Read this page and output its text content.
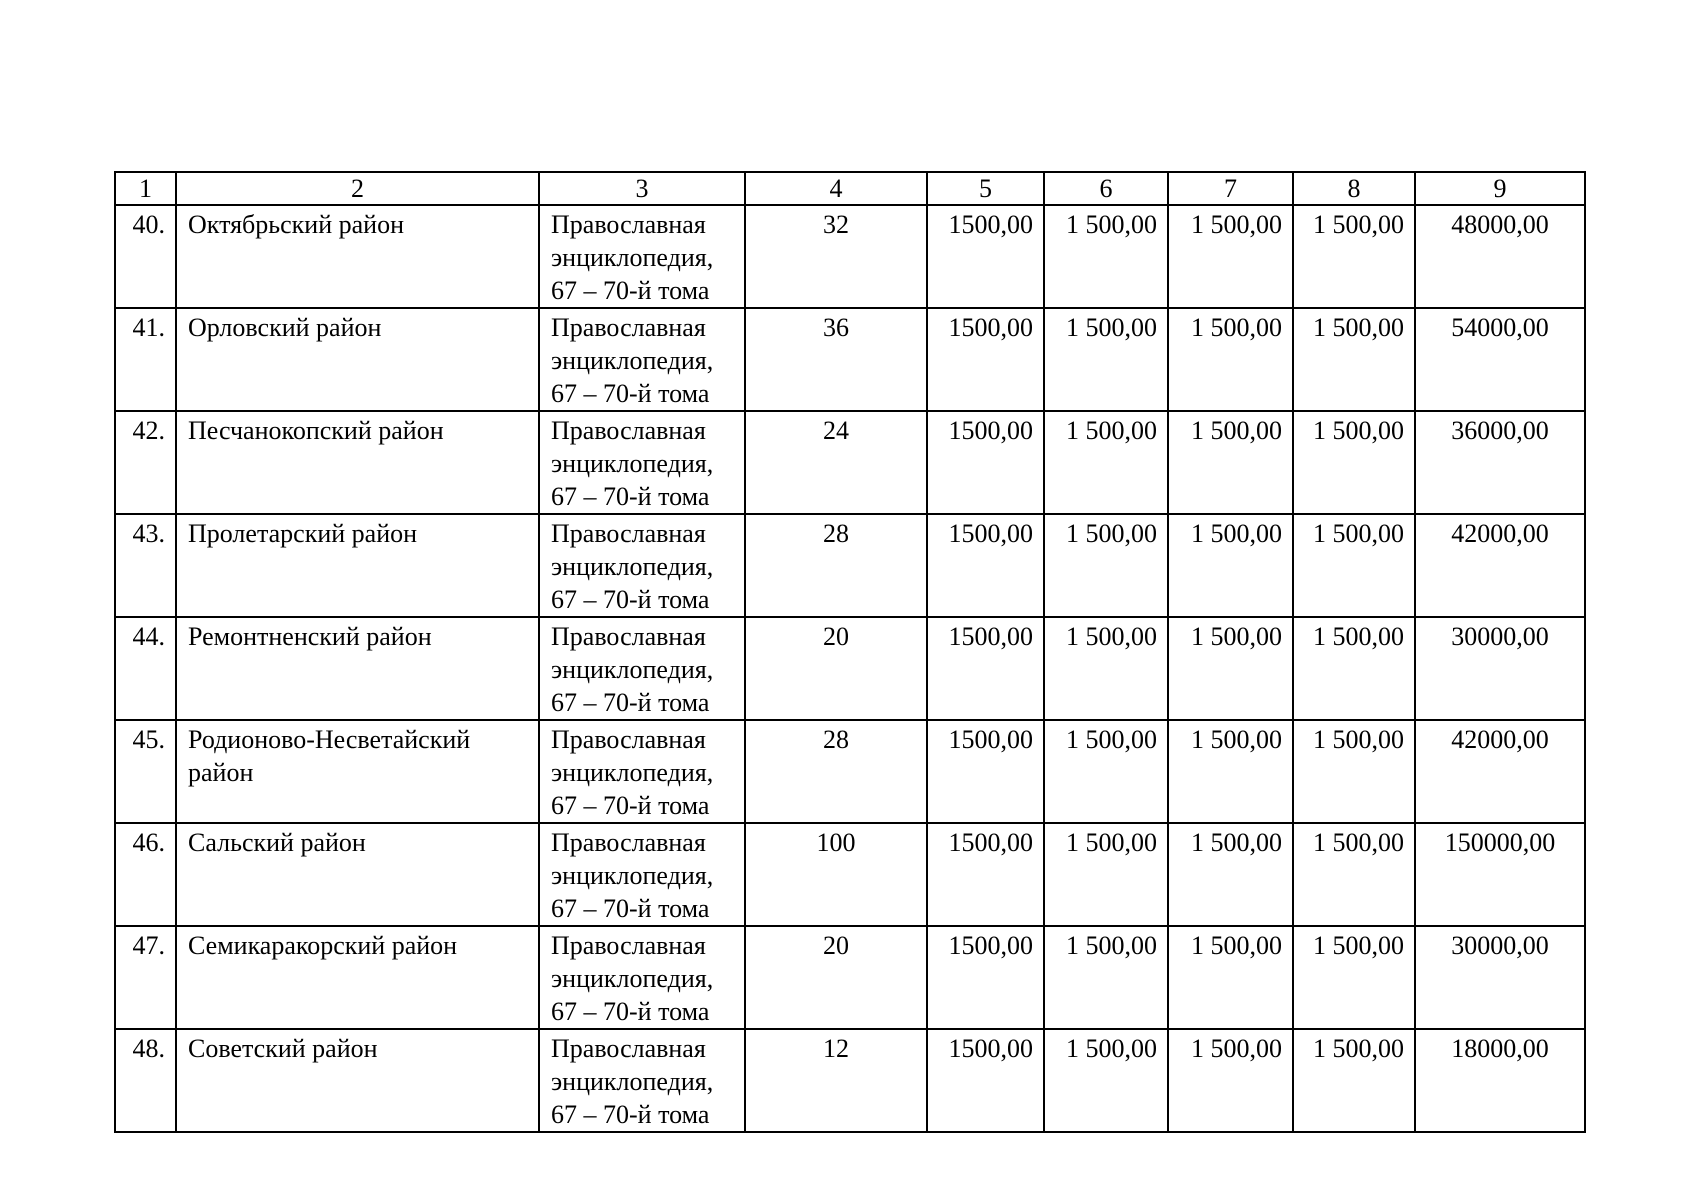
1	2	3	4	5	6	7	8	9
40.	Октябрьский район	Православная
энциклопедия,
67 – 70-й тома	32	1500,00	1 500,00	1 500,00	1 500,00	48000,00
41.	Орловский район	Православная
энциклопедия,
67 – 70-й тома	36	1500,00	1 500,00	1 500,00	1 500,00	54000,00
42.	Песчанокопский район	Православная
энциклопедия,
67 – 70-й тома	24	1500,00	1 500,00	1 500,00	1 500,00	36000,00
43.	Пролетарский район	Православная
энциклопедия,
67 – 70-й тома	28	1500,00	1 500,00	1 500,00	1 500,00	42000,00
44.	Ремонтненский район	Православная
энциклопедия,
67 – 70-й тома	20	1500,00	1 500,00	1 500,00	1 500,00	30000,00
45.	Родионово-Несветайский район	Православная
энциклопедия,
67 – 70-й тома	28	1500,00	1 500,00	1 500,00	1 500,00	42000,00
46.	Сальский район	Православная
энциклопедия,
67 – 70-й тома	100	1500,00	1 500,00	1 500,00	1 500,00	150000,00
47.	Семикаракорский район	Православная
энциклопедия,
67 – 70-й тома	20	1500,00	1 500,00	1 500,00	1 500,00	30000,00
48.	Советский район	Православная
энциклопедия,
67 – 70-й тома	12	1500,00	1 500,00	1 500,00	1 500,00	18000,00
